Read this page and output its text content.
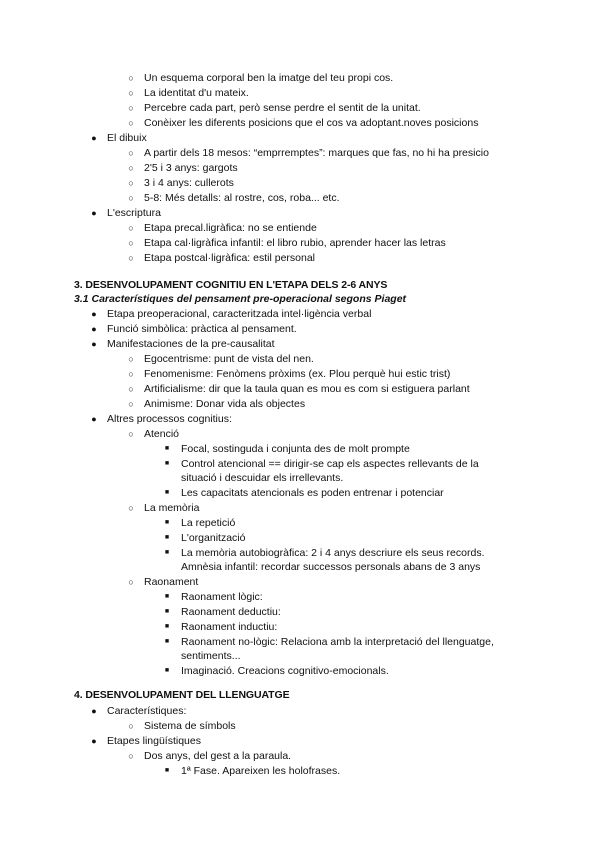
○ Un esquema corporal ben la imatge del teu propi cos.
○ La identitat d'u mateix.
○ Percebre cada part, però sense perdre el sentit de la unitat.
○ Conèixer les diferents posicions que el cos va adoptant.noves posicions
● El dibuix
○ A partir dels 18 mesos: “emprremptes”: marques que fas, no hi ha presicio
○ 2'5 i 3 anys: gargots
○ 3 i 4 anys: cullerots
○ 5-8: Més detalls: al rostre, cos, roba... etc.
● L'escriptura
○ Etapa precal.ligràfica: no se entiende
○ Etapa cal·ligràfica infantil: el libro rubio, aprender hacer las letras
○ Etapa postcal·ligràfica: estil personal
3. DESENVOLUPAMENT COGNITIU EN L'ETAPA DELS 2-6 ANYS
3.1 Característiques del pensament pre-operacional segons Piaget
● Etapa preoperacional, caracteritzada intel·ligència verbal
● Funció simbòlica: pràctica al pensament.
● Manifestaciones de la pre-causalitat
○ Egocentrisme: punt de vista del nen.
○ Fenomenisme: Fenòmens pròxims (ex. Plou perquè hui estic trist)
○ Artificialisme: dir que la taula quan es mou es com si estiguera parlant
○ Animisme: Donar vida als objectes
● Altres processos cognitius:
○ Atenció
■	Focal, sostinguda i conjunta des de molt prompte
■	Control atencional == dirigir-se cap els aspectes rellevants de la
situació i descuidar els irrellevants.
■	Les capacitats atencionals es poden entrenar i potenciar
○ La memòria
■	La repetició
■	L'organització
■	La memòria autobiogràfica: 2 i 4 anys descriure els seus records.
Amnèsia infantil: recordar successos personals abans de 3 anys
○ Raonament
■	Raonament lògic:
■	Raonament deductiu:
■	Raonament inductiu:
■	Raonament no-lògic: Relaciona amb la interpretació del llenguatge,
sentiments...
■	Imaginació. Creacions cognitivo-emocionals.
4. DESENVOLUPAMENT DEL LLENGUATGE
● Característiques:
○ Sistema de símbols
● Etapes lingüístiques
○ Dos anys, del gest a la paraula.
■	1ª Fase. Apareixen les holofrases.
